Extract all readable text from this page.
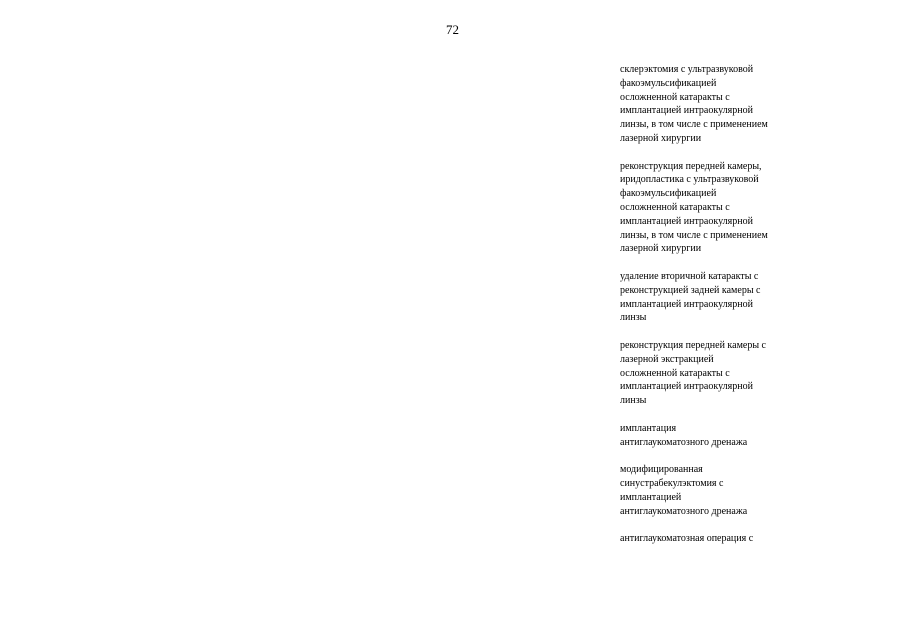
72
склерэктомия с ультразвуковой
факоэмульсификацией
осложненной катаракты с
имплантацией интраокулярной
линзы, в том числе с применением
лазерной хирургии
реконструкция передней камеры,
иридопластика с ультразвуковой
факоэмульсификацией
осложненной катаракты с
имплантацией интраокулярной
линзы, в том числе с применением
лазерной хирургии
удаление вторичной катаракты с
реконструкцией задней камеры с
имплантацией интраокулярной
линзы
реконструкция передней камеры с
лазерной экстракцией
осложненной катаракты с
имплантацией интраокулярной
линзы
имплантация
антиглаукоматозного дренажа
модифицированная
синустрабекулэктомия с
имплантацией
антиглаукоматозного дренажа
антиглаукоматозная операция с
